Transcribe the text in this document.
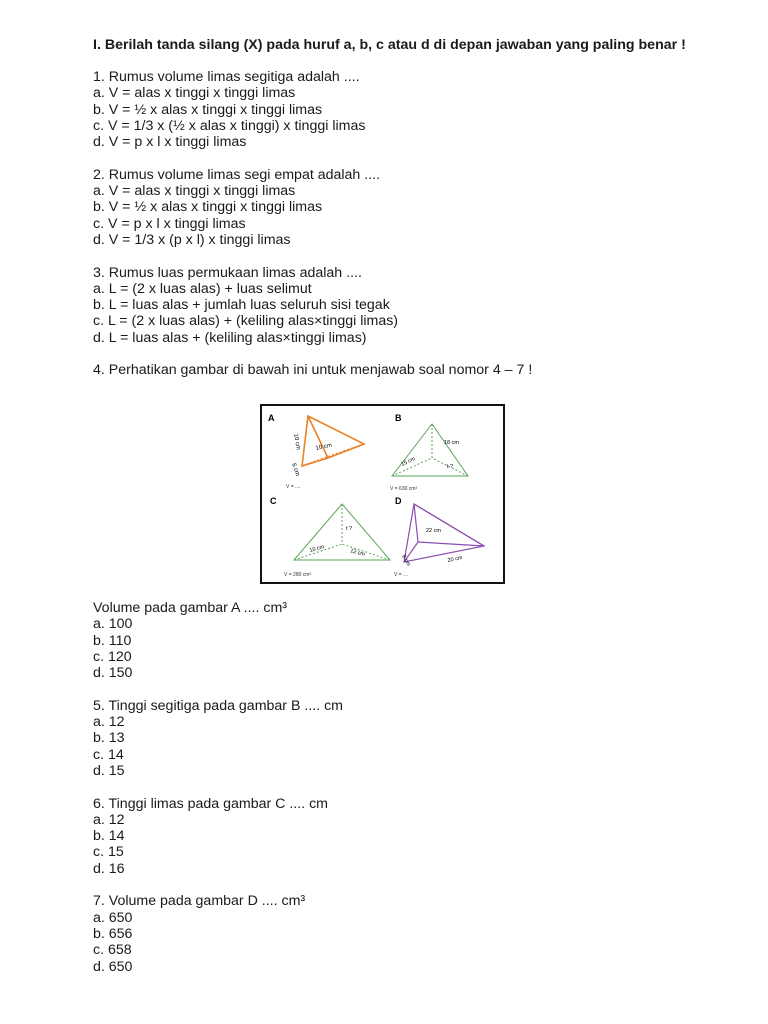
I. Berilah tanda silang (X) pada huruf a, b, c atau d di depan jawaban yang paling benar !
1. Rumus volume limas segitiga adalah ....
a. V = alas x tinggi x tinggi limas
b. V = ½ x alas x tinggi x tinggi limas
c. V = 1/3 x (½ x alas x tinggi) x tinggi limas
d. V = p x l x tinggi limas
2. Rumus volume limas segi empat adalah ....
a. V = alas x tinggi x tinggi limas
b. V = ½ x alas x tinggi x tinggi limas
c. V = p x l x tinggi limas
d. V = 1/3 x (p x l) x tinggi limas
3. Rumus luas permukaan limas adalah ....
a. L = (2 x luas alas) + luas selimut
b. L = luas alas + jumlah luas seluruh sisi tegak
c. L = (2 x luas alas) + (keliling alas×tinggi limas)
d. L = luas alas + (keliling alas×tinggi limas)
4. Perhatikan gambar di bawah ini untuk menjawab soal nomor 4 – 7 !
A
10 cm 10 cm
6 cm
V = ....
B
18 cm
15 cm	t ?
V = 630 cm³
C
t ?
10 cm	12 cm
V = 280 cm³
D
22 cm
8 cm	20 cm
V = ....
Volume pada gambar A .... cm³
a. 100
b. 110
c. 120
d. 150
5. Tinggi segitiga pada gambar B .... cm
a. 12
b. 13
c. 14
d. 15
6. Tinggi limas pada gambar C .... cm
a. 12
b. 14
c. 15
d. 16
7. Volume pada gambar D .... cm³
a. 650
b. 656
c. 658
d. 650
